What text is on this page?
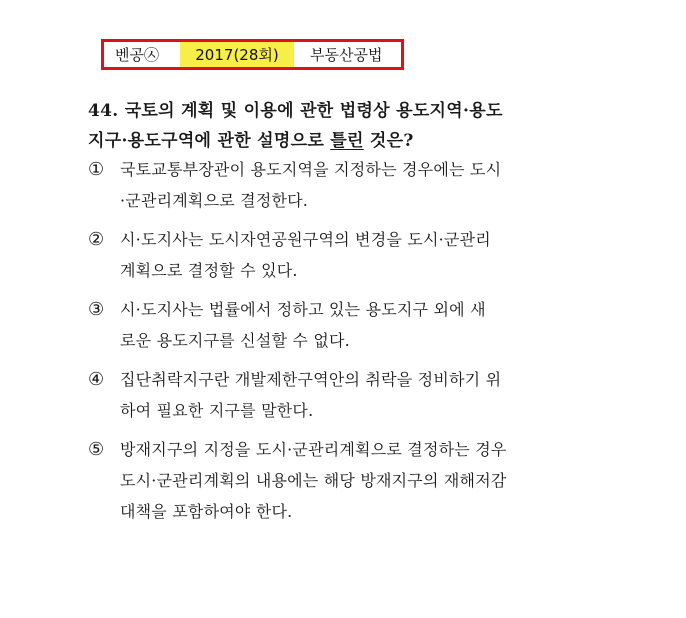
벤공㉦	2017(28회)	부동산공법
44. 국토의 계획 및 이용에 관한 법령상 용도지역·용도
지구·용도구역에 관한 설명으로 틀린 것은?
① 국토교통부장관이 용도지역을 지정하는 경우에는 도시
·군관리계획으로 결정한다.
② 시·도지사는 도시자연공원구역의 변경을 도시·군관리
계획으로 결정할 수 있다.
③ 시·도지사는 법률에서 정하고 있는 용도지구 외에 새
로운 용도지구를 신설할 수 없다.
④ 집단취락지구란 개발제한구역안의 취락을 정비하기 위
하여 필요한 지구를 말한다.
⑤ 방재지구의 지정을 도시·군관리계획으로 결정하는 경우
도시·군관리계획의 내용에는 해당 방재지구의 재해저감
대책을 포함하여야 한다.
